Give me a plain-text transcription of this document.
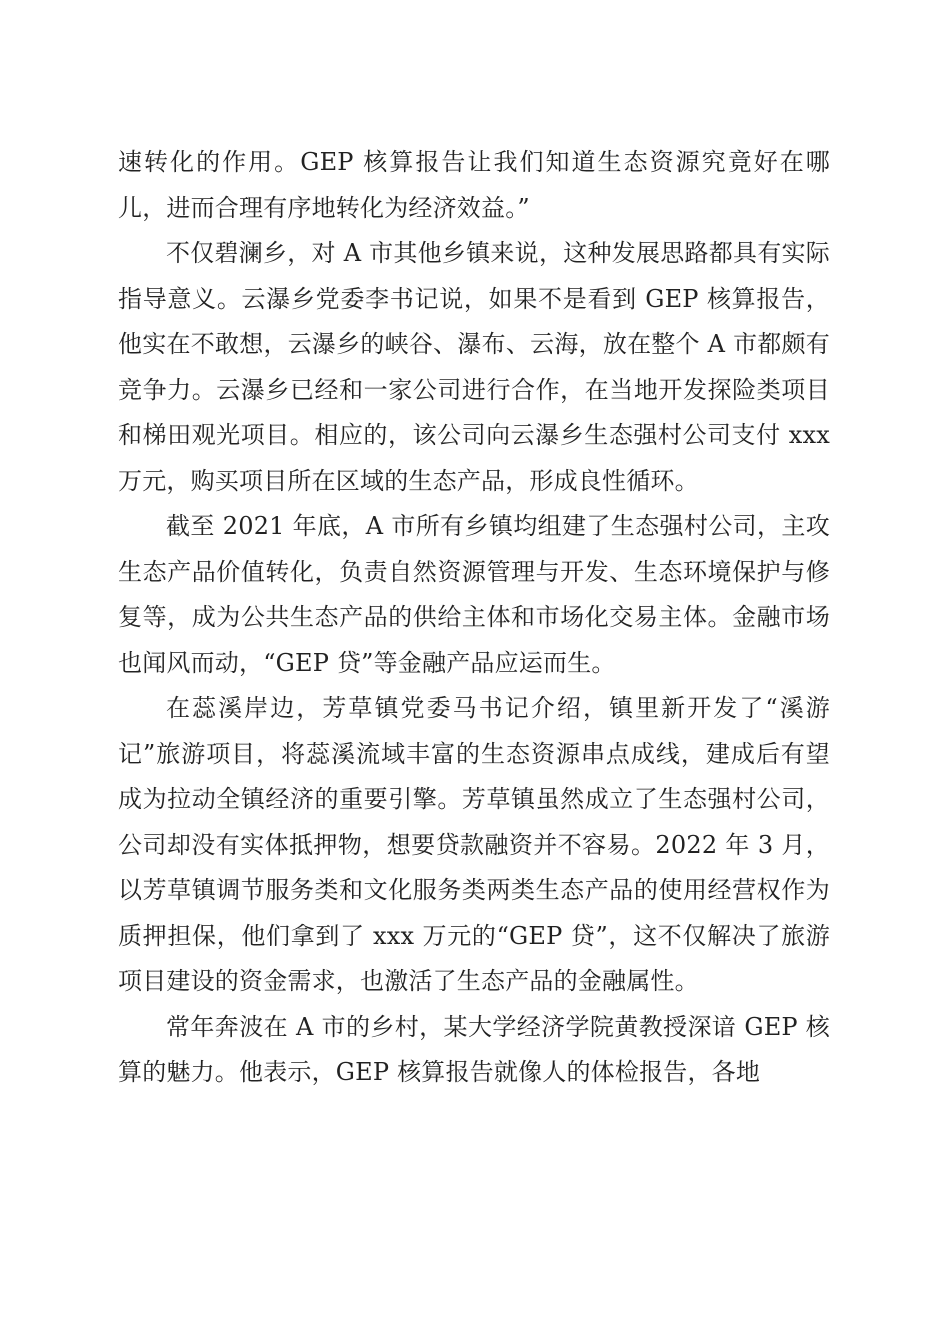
速转化的作用。GEP 核算报告让我们知道生态资源究竟好在哪儿，进而合理有序地转化为经济效益。”

不仅碧澜乡，对 A 市其他乡镇来说，这种发展思路都具有实际指导意义。云瀑乡党委李书记说，如果不是看到 GEP 核算报告，他实在不敢想，云瀑乡的峡谷、瀑布、云海，放在整个 A 市都颇有竞争力。云瀑乡已经和一家公司进行合作，在当地开发探险类项目和梯田观光项目。相应的，该公司向云瀑乡生态强村公司支付 xxx 万元，购买项目所在区域的生态产品，形成良性循环。

截至 2021 年底，A 市所有乡镇均组建了生态强村公司，主攻生态产品价值转化，负责自然资源管理与开发、生态环境保护与修复等，成为公共生态产品的供给主体和市场化交易主体。金融市场也闻风而动，“GEP 贷”等金融产品应运而生。

在蕊溪岸边，芳草镇党委马书记介绍，镇里新开发了“溪游记”旅游项目，将蕊溪流域丰富的生态资源串点成线，建成后有望成为拉动全镇经济的重要引擎。芳草镇虽然成立了生态强村公司，公司却没有实体抵押物，想要贷款融资并不容易。2022 年 3 月，以芳草镇调节服务类和文化服务类两类生态产品的使用经营权作为质押担保，他们拿到了 xxx 万元的“GEP 贷”，这不仅解决了旅游项目建设的资金需求，也激活了生态产品的金融属性。

常年奔波在 A 市的乡村，某大学经济学院黄教授深谙 GEP 核算的魅力。他表示，GEP 核算报告就像人的体检报告，各地
